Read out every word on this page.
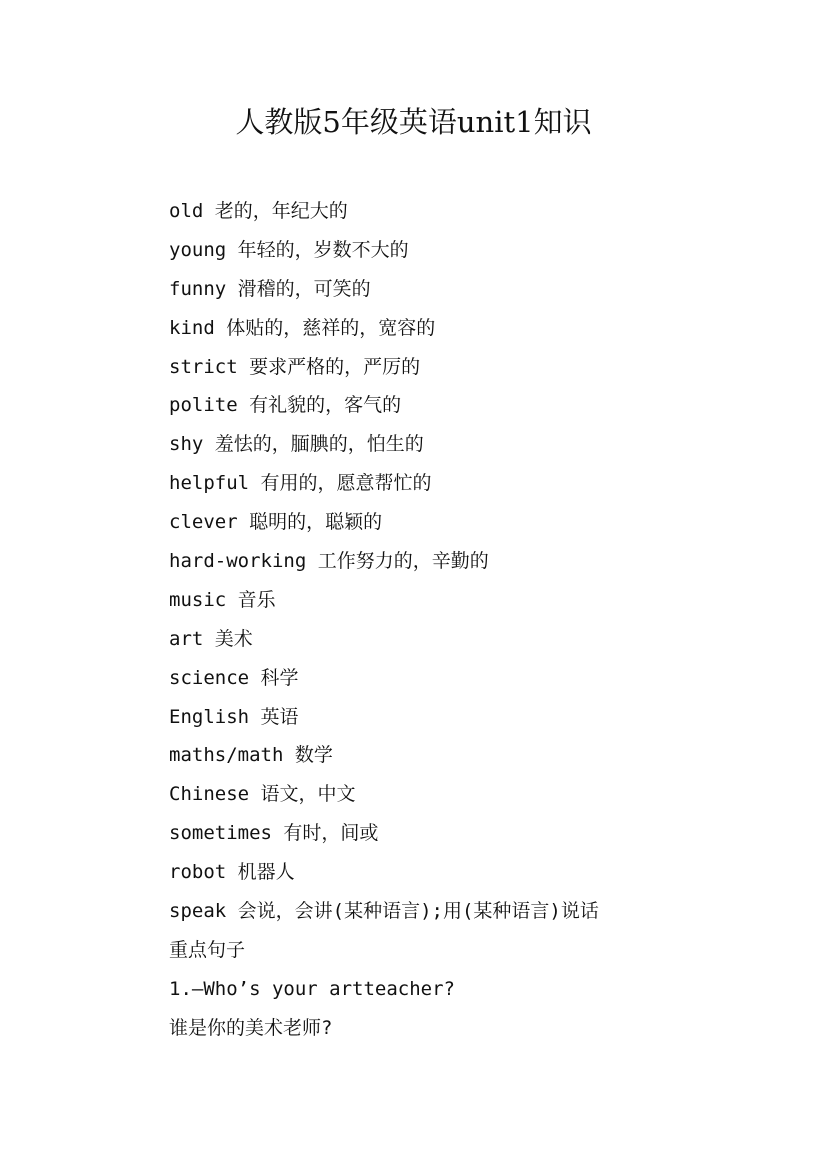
人教版5年级英语unit1知识
old 老的，年纪大的
young 年轻的，岁数不大的
funny 滑稽的，可笑的
kind 体贴的，慈祥的，宽容的
strict 要求严格的，严厉的
polite 有礼貌的，客气的
shy 羞怯的，腼腆的，怕生的
helpful 有用的，愿意帮忙的
clever 聪明的，聪颖的
hard-working 工作努力的，辛勤的
music 音乐
art 美术
science 科学
English 英语
maths/math 数学
Chinese 语文，中文
sometimes 有时，间或
robot 机器人
speak 会说，会讲(某种语言);用(某种语言)说话
重点句子
1.—Who’s your artteacher?
谁是你的美术老师?
